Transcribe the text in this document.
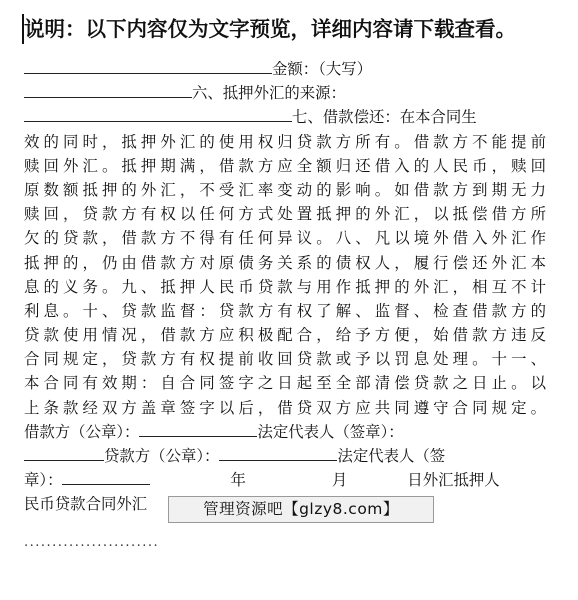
说明：以下内容仅为文字预览，详细内容请下载查看。
金额：（大写）
六、抵押外汇的来源：
七、借款偿还：在本合同生
效的同时，抵押外汇的使用权归贷款方所有。借款方不能提前
赎回外汇。抵押期满，借款方应全额归还借入的人民币，赎回
原数额抵押的外汇，不受汇率变动的影响。如借款方到期无力
赎回，贷款方有权以任何方式处置抵押的外汇，以抵偿借方所
欠的贷款，借款方不得有任何异议。八、凡以境外借入外汇作
抵押的，仍由借款方对原债务关系的债权人，履行偿还外汇本
息的义务。九、抵押人民币贷款与用作抵押的外汇，相互不计
利息。十、贷款监督：贷款方有权了解、监督、检查借款方的
贷款使用情况，借款方应积极配合，给予方便，始借款方违反
合同规定，贷款方有权提前收回贷款或予以罚息处理。十一、
本合同有效期：自合同签字之日起至全部清偿贷款之日止。以
上条款经双方盖章签字以后，借贷双方应共同遵守合同规定。
借款方（公章）：	法定代表人（签章）：
贷款方（公章）：	法定代表人（签
章）：	年	月	日外汇抵押人
民币贷款合同外汇	管理资源吧【glzy8.com】
........................
